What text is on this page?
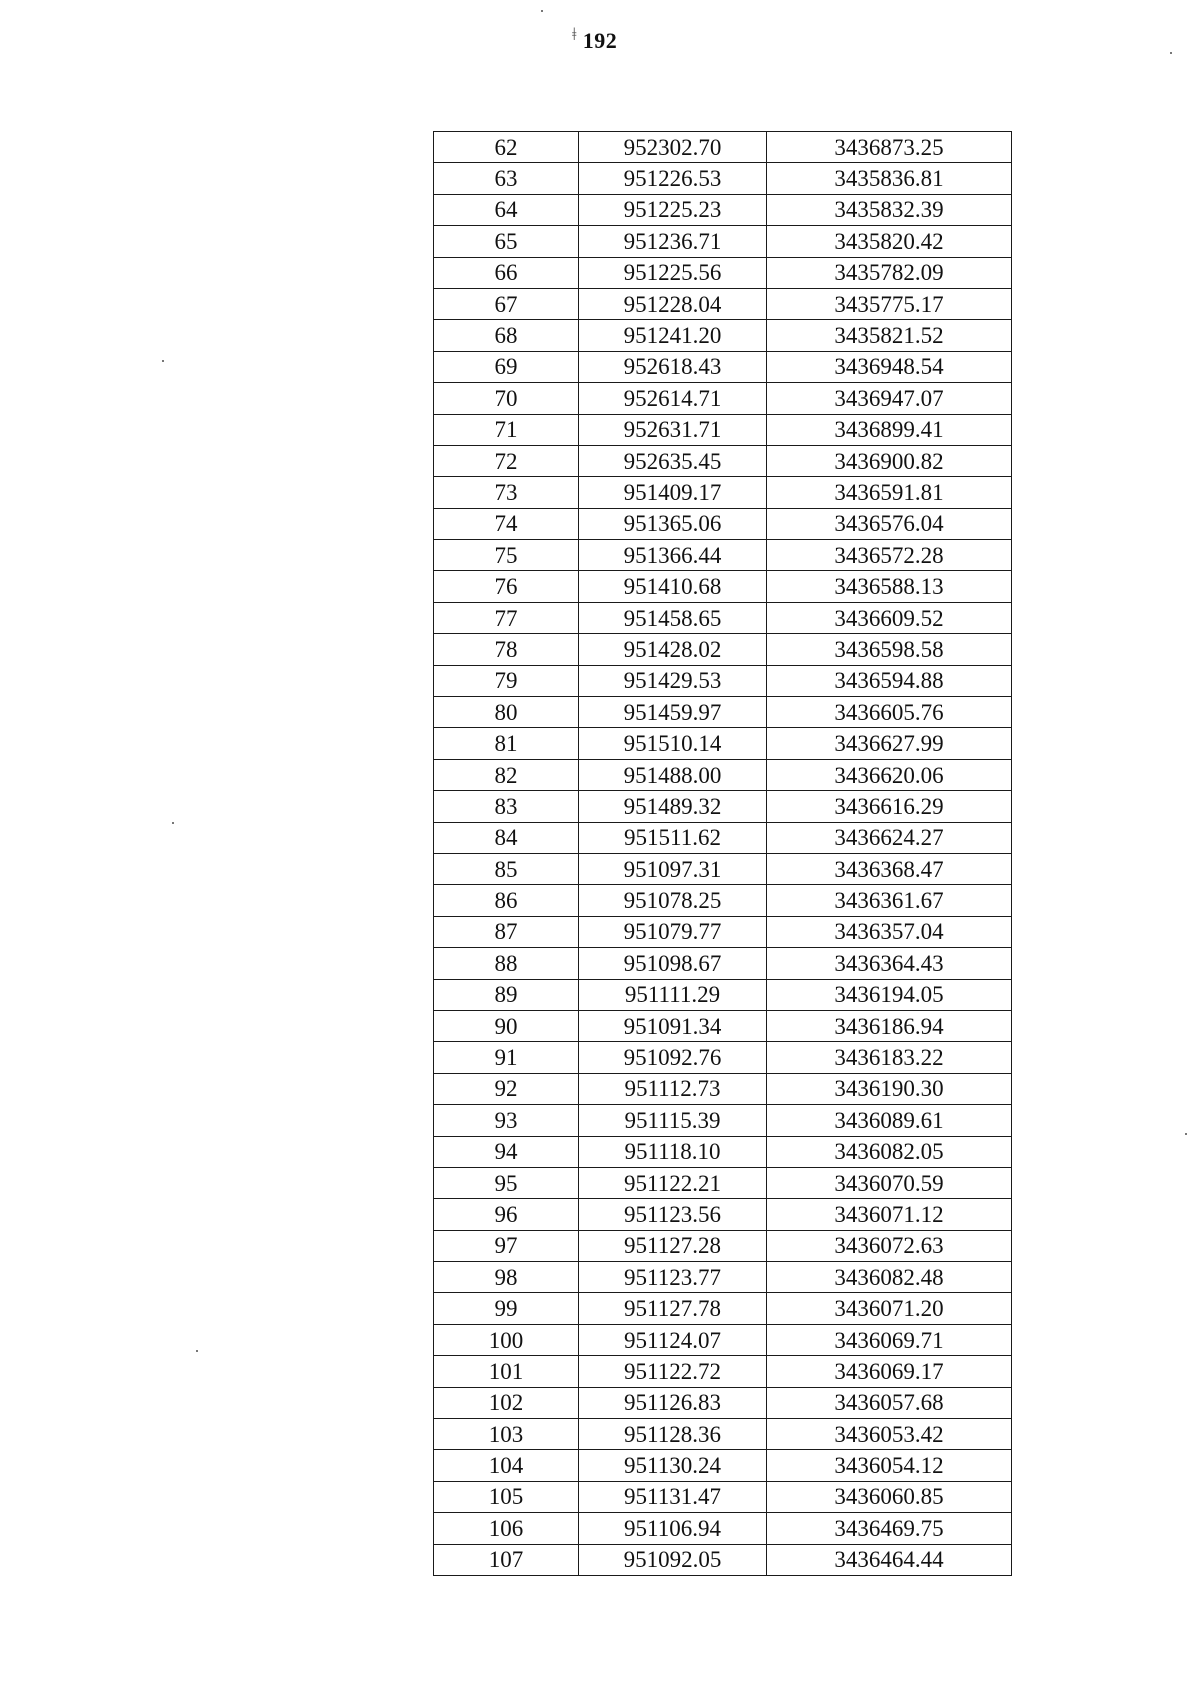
192
ǂ
62	952302.70	3436873.25
63	951226.53	3435836.81
64	951225.23	3435832.39
65	951236.71	3435820.42
66	951225.56	3435782.09
67	951228.04	3435775.17
68	951241.20	3435821.52
69	952618.43	3436948.54
70	952614.71	3436947.07
71	952631.71	3436899.41
72	952635.45	3436900.82
73	951409.17	3436591.81
74	951365.06	3436576.04
75	951366.44	3436572.28
76	951410.68	3436588.13
77	951458.65	3436609.52
78	951428.02	3436598.58
79	951429.53	3436594.88
80	951459.97	3436605.76
81	951510.14	3436627.99
82	951488.00	3436620.06
83	951489.32	3436616.29
84	951511.62	3436624.27
85	951097.31	3436368.47
86	951078.25	3436361.67
87	951079.77	3436357.04
88	951098.67	3436364.43
89	951111.29	3436194.05
90	951091.34	3436186.94
91	951092.76	3436183.22
92	951112.73	3436190.30
93	951115.39	3436089.61
94	951118.10	3436082.05
95	951122.21	3436070.59
96	951123.56	3436071.12
97	951127.28	3436072.63
98	951123.77	3436082.48
99	951127.78	3436071.20
100	951124.07	3436069.71
101	951122.72	3436069.17
102	951126.83	3436057.68
103	951128.36	3436053.42
104	951130.24	3436054.12
105	951131.47	3436060.85
106	951106.94	3436469.75
107	951092.05	3436464.44
